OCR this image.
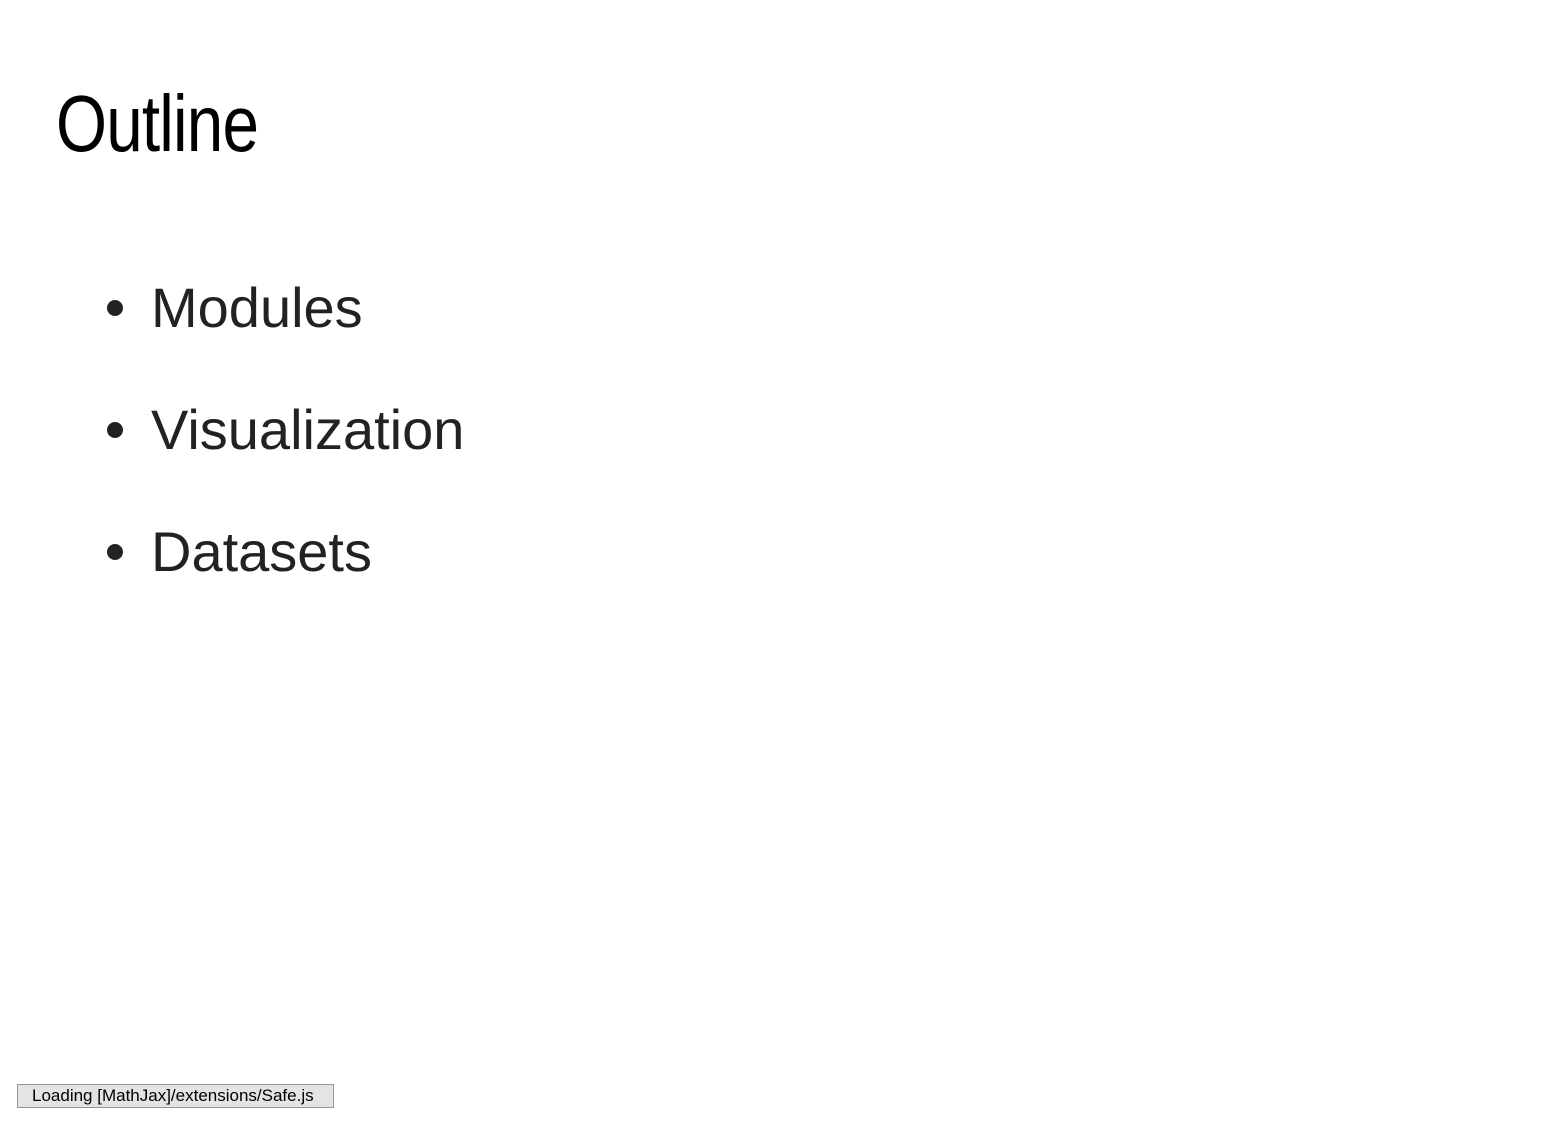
Outline
Modules
Visualization
Datasets
Loading [MathJax]/extensions/Safe.js
